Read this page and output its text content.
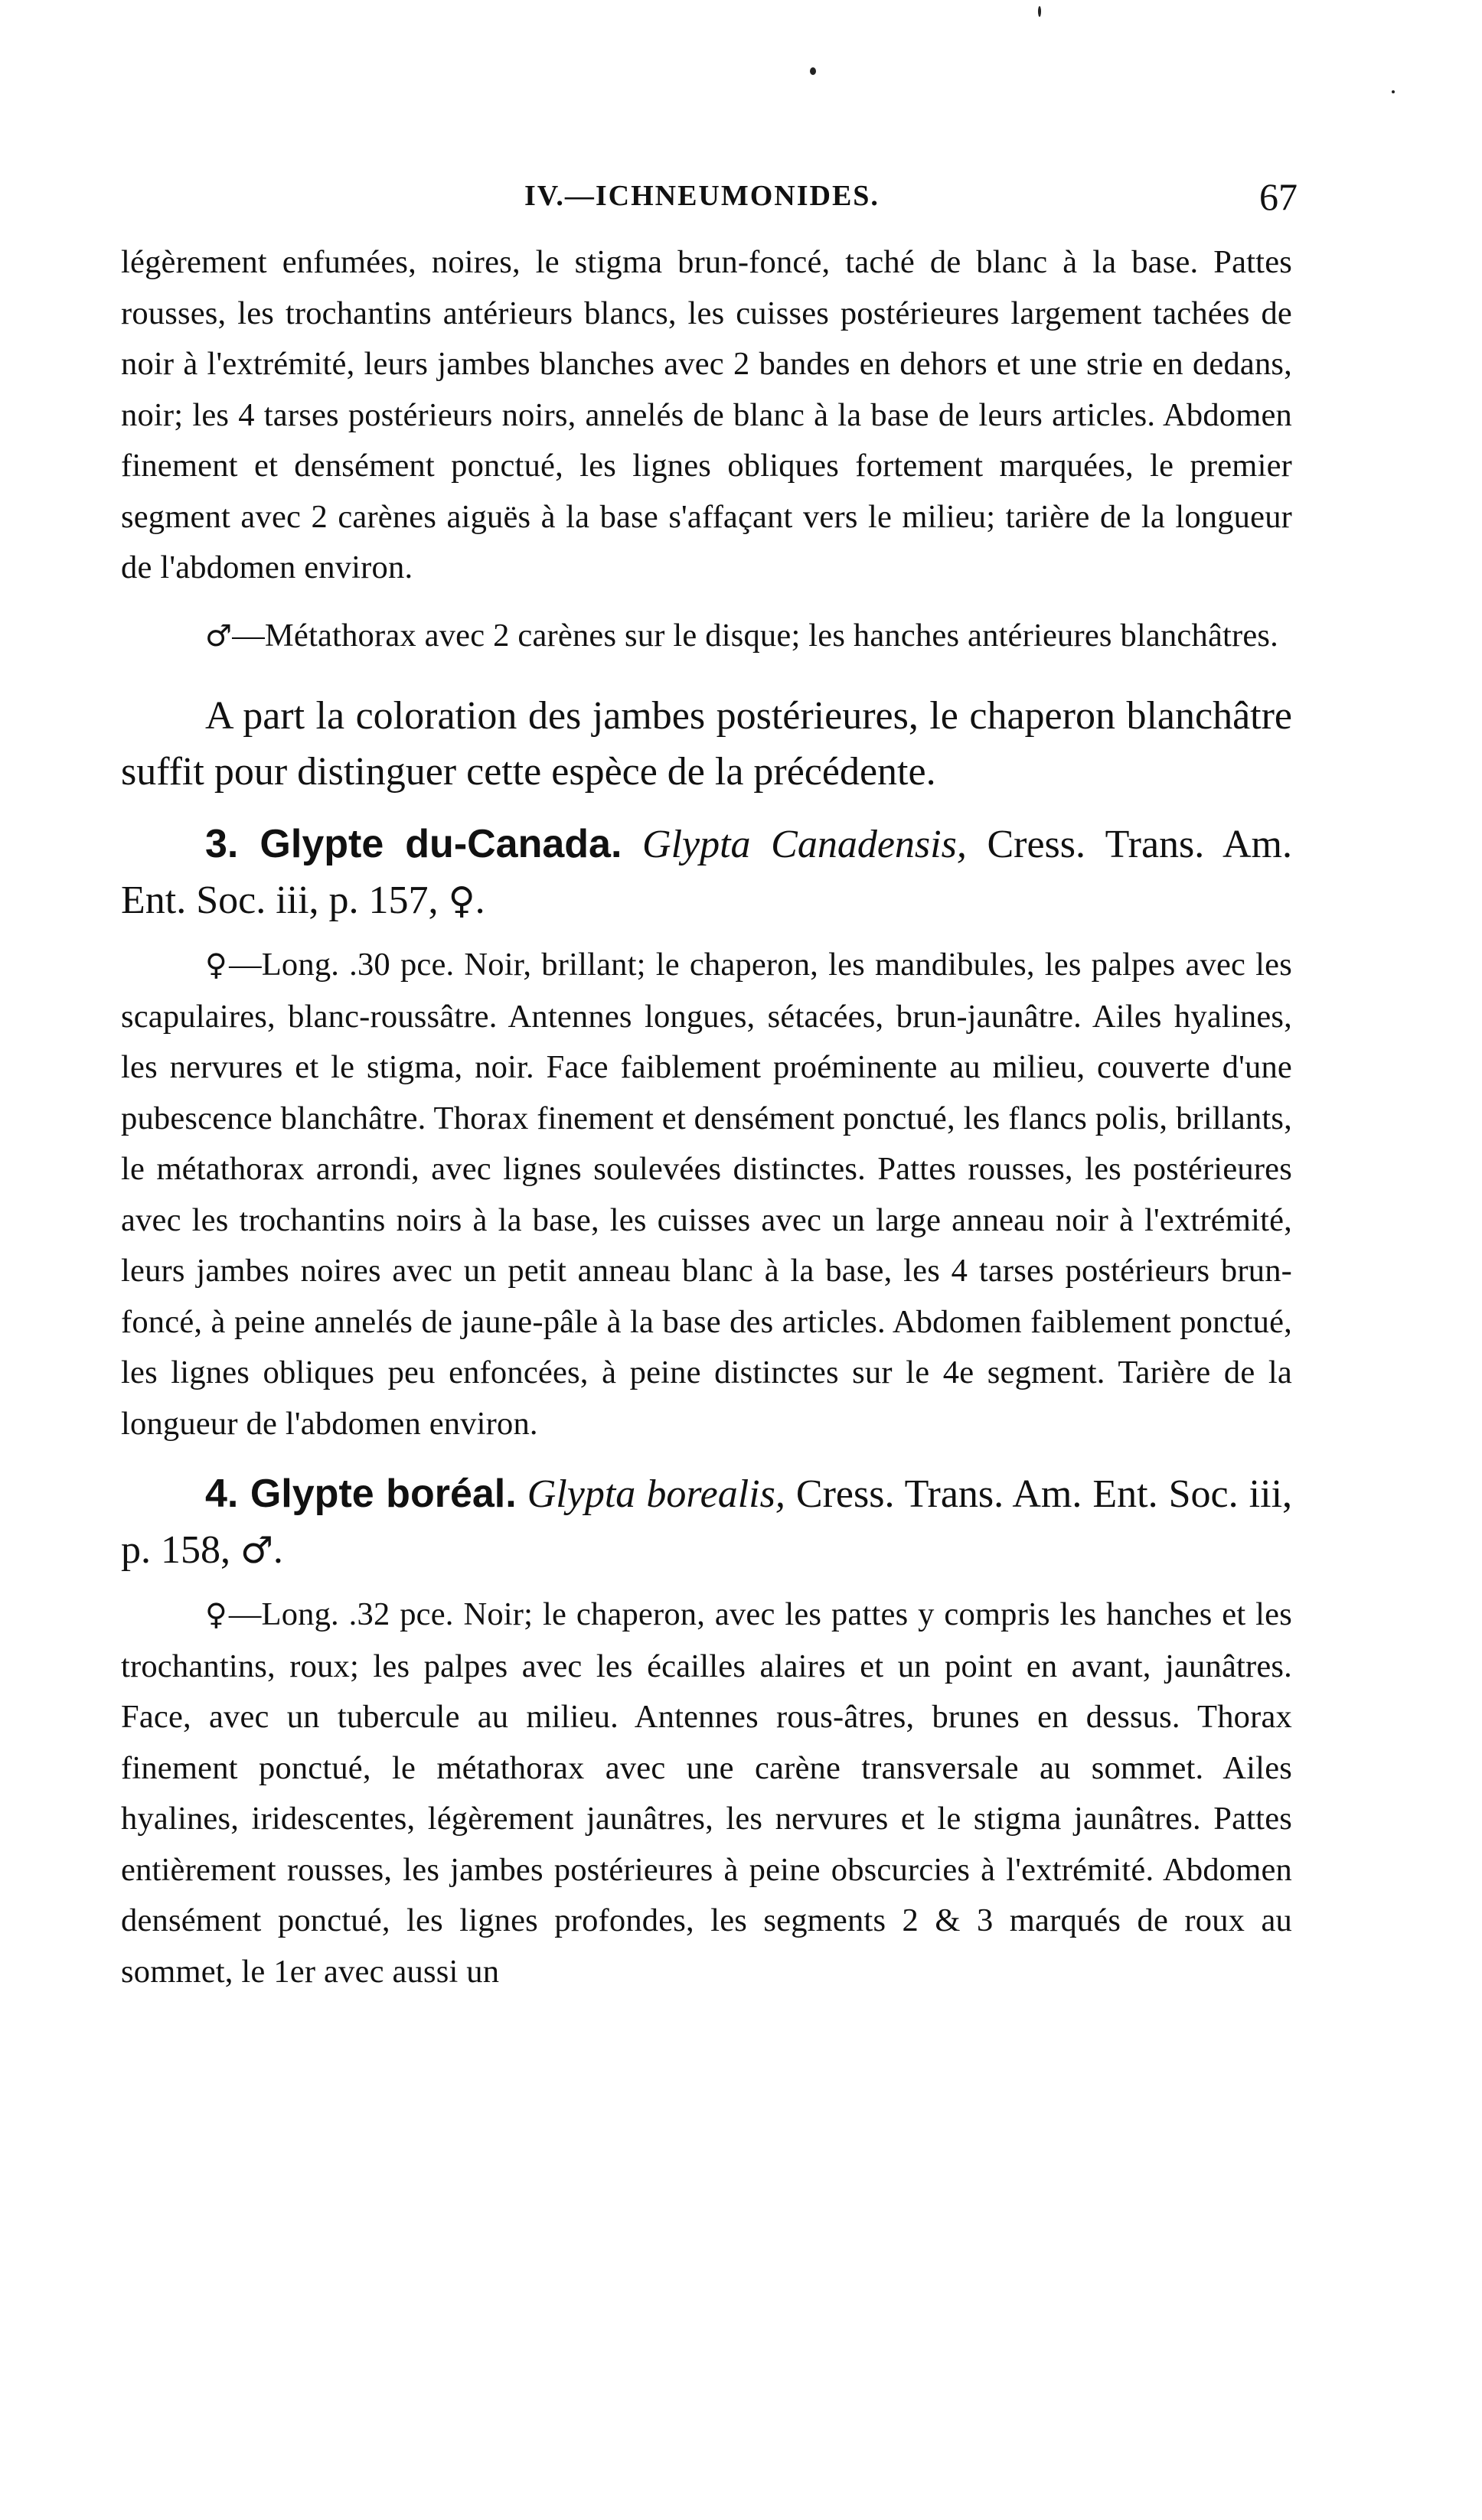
IV.—ICHNEUMONIDES.	67

légèrement enfumées, noires, le stigma brun-foncé, taché de blanc à la base. Pattes rousses, les trochantins antérieurs blancs, les cuisses postérieures largement tachées de noir à l'extrémité, leurs jambes blanches avec 2 bandes en dehors et une strie en dedans, noir; les 4 tarses postérieurs noirs, annelés de blanc à la base de leurs articles. Abdomen finement et densément ponctué, les lignes obliques fortement marquées, le premier segment avec 2 carènes aiguës à la base s'affaçant vers le milieu; tarière de la longueur de l'abdomen environ.

♂—Métathorax avec 2 carènes sur le disque; les hanches antérieures blanchâtres.

A part la coloration des jambes postérieures, le chaperon blanchâtre suffit pour distinguer cette espèce de la précédente.

3. Glypte du-Canada. Glypta Canadensis, Cress. Trans. Am. Ent. Soc. iii, p. 157, ♀.

♀—Long. .30 pce. Noir, brillant; le chaperon, les mandibules, les palpes avec les scapulaires, blanc-roussâtre. Antennes longues, sétacées, brun-jaunâtre. Ailes hyalines, les nervures et le stigma, noir. Face faiblement proéminente au milieu, couverte d'une pubescence blanchâtre. Thorax finement et densément ponctué, les flancs polis, brillants, le métathorax arrondi, avec lignes soulevées distinctes. Pattes rousses, les postérieures avec les trochantins noirs à la base, les cuisses avec un large anneau noir à l'extrémité, leurs jambes noires avec un petit anneau blanc à la base, les 4 tarses postérieurs brun-foncé, à peine annelés de jaune-pâle à la base des articles. Abdomen faiblement ponctué, les lignes obliques peu enfoncées, à peine distinctes sur le 4e segment. Tarière de la longueur de l'abdomen environ.

4. Glypte boréal. Glypta borealis, Cress. Trans. Am. Ent. Soc. iii, p. 158, ♂.

♀—Long. .32 pce. Noir; le chaperon, avec les pattes y compris les hanches et les trochantins, roux; les palpes avec les écailles alaires et un point en avant, jaunâtres. Face, avec un tubercule au milieu. Antennes rous-âtres, brunes en dessus. Thorax finement ponctué, le métathorax avec une carène transversale au sommet. Ailes hyalines, iridescentes, légèrement jaunâtres, les nervures et le stigma jaunâtres. Pattes entièrement rousses, les jambes postérieures à peine obscurcies à l'extrémité. Abdomen densément ponctué, les lignes profondes, les segments 2 & 3 marqués de roux au sommet, le 1er avec aussi un
